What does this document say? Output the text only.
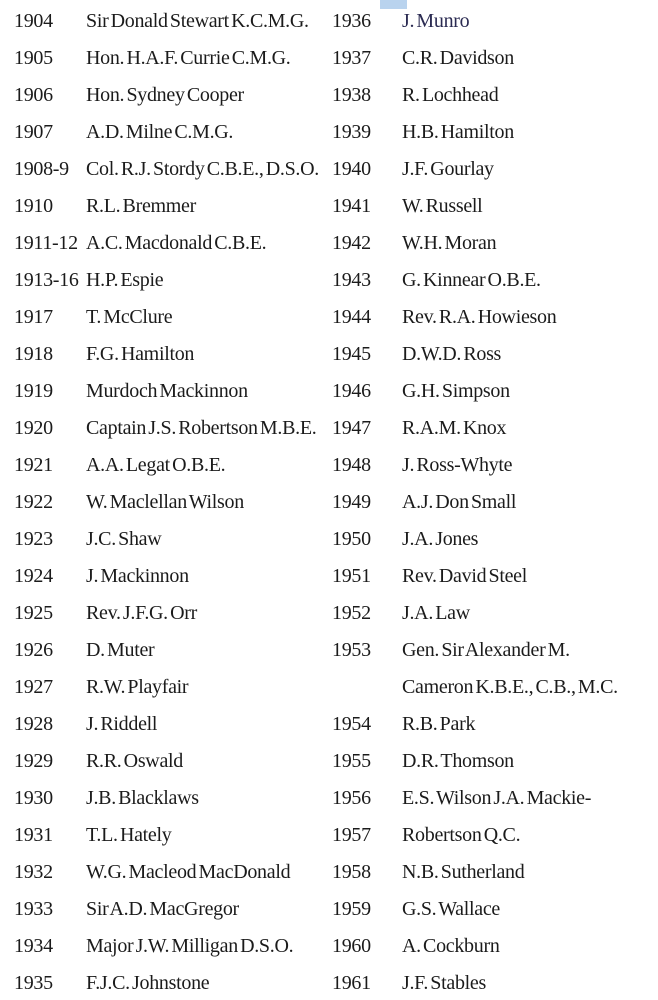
1904 Sir Donald Stewart K.C.M.G.
1905 Hon. H.A.F. Currie C.M.G.
1906 Hon. Sydney Cooper
1907 A.D. Milne C.M.G.
1908-9 Col. R.J. Stordy C.B.E., D.S.O.
1910 R.L. Bremmer
1911-12 A.C. Macdonald C.B.E.
1913-16 H.P. Espie
1917 T. McClure
1918 F.G. Hamilton
1919 Murdoch Mackinnon
1920 Captain J.S. Robertson M.B.E.
1921 A.A. Legat O.B.E.
1922 W. Maclellan Wilson
1923 J.C. Shaw
1924 J. Mackinnon
1925 Rev. J.F.G. Orr
1926 D. Muter
1927 R.W. Playfair
1928 J. Riddell
1929 R.R. Oswald
1930 J.B. Blacklaws
1931 T.L. Hately
1932 W.G. Macleod MacDonald
1933 Sir A.D. MacGregor
1934 Major J.W. Milligan D.S.O.
1935 F.J.C. Johnstone
1936 J. Munro
1937 C.R. Davidson
1938 R. Lochhead
1939 H.B. Hamilton
1940 J.F. Gourlay
1941 W. Russell
1942 W.H. Moran
1943 G. Kinnear O.B.E.
1944 Rev. R.A. Howieson
1945 D.W.D. Ross
1946 G.H. Simpson
1947 R.A.M. Knox
1948 J. Ross-Whyte
1949 A.J. Don Small
1950 J.A. Jones
1951 Rev. David Steel
1952 J.A. Law
1953 Gen. Sir Alexander M.
Cameron K.B.E., C.B., M.C.
1954 R.B. Park
1955 D.R. Thomson
1956 E.S. Wilson J.A. Mackie-
1957 Robertson Q.C.
1958 N.B. Sutherland
1959 G.S. Wallace
1960 A. Cockburn
1961 J.F. Stables
